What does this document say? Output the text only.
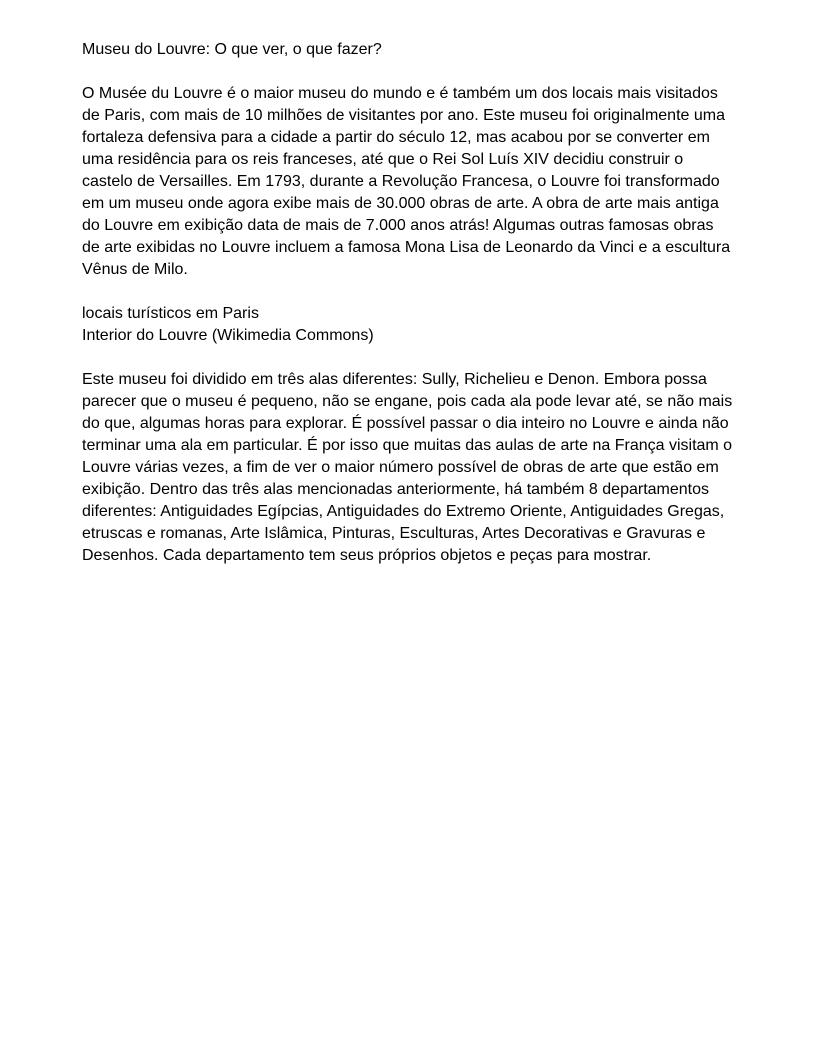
Museu do Louvre: O que ver, o que fazer?
O Musée du Louvre é o maior museu do mundo e é também um dos locais mais visitados
de Paris, com mais de 10 milhões de visitantes por ano. Este museu foi originalmente uma
fortaleza defensiva para a cidade a partir do século 12, mas acabou por se converter em
uma residência para os reis franceses, até que o Rei Sol Luís XIV decidiu construir o
castelo de Versailles. Em 1793, durante a Revolução Francesa, o Louvre foi transformado
em um museu onde agora exibe mais de 30.000 obras de arte. A obra de arte mais antiga
do Louvre em exibição data de mais de 7.000 anos atrás! Algumas outras famosas obras
de arte exibidas no Louvre incluem a famosa Mona Lisa de Leonardo da Vinci e a escultura
Vênus de Milo.
locais turísticos em Paris
Interior do Louvre (Wikimedia Commons)
Este museu foi dividido em três alas diferentes: Sully, Richelieu e Denon. Embora possa
parecer que o museu é pequeno, não se engane, pois cada ala pode levar até, se não mais
do que, algumas horas para explorar. É possível passar o dia inteiro no Louvre e ainda não
terminar uma ala em particular. É por isso que muitas das aulas de arte na França visitam o
Louvre várias vezes, a fim de ver o maior número possível de obras de arte que estão em
exibição. Dentro das três alas mencionadas anteriormente, há também 8 departamentos
diferentes: Antiguidades Egípcias, Antiguidades do Extremo Oriente, Antiguidades Gregas,
etruscas e romanas, Arte Islâmica, Pinturas, Esculturas, Artes Decorativas e Gravuras e
Desenhos. Cada departamento tem seus próprios objetos e peças para mostrar.
